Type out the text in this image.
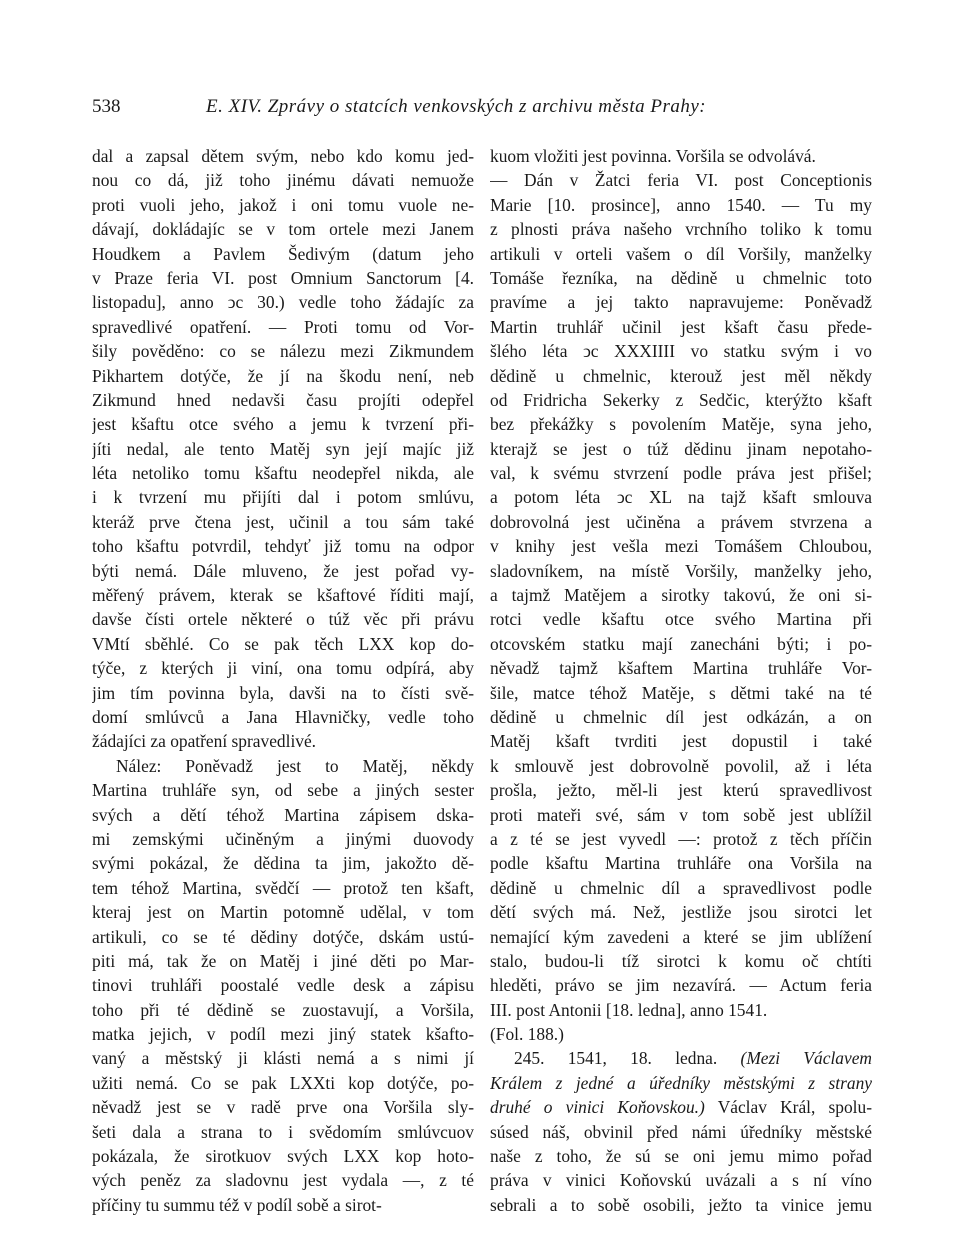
538	E. XIV. Zprávy o statcích venkovských z archivu města Prahy:
dal a zapsal dětem svým, nebo kdo komu jed-
nou co dá, již toho jinému dávati nemuože
proti vuoli jeho, jakož i oni tomu vuole ne-
dávají, dokládajíc se v tom ortele mezi Janem
Houdkem a Pavlem Šedivým (datum jeho
v Praze feria VI. post Omnium Sanctorum [4.
listopadu], anno ↄc 30.) vedle toho žádajíc za
spravedlivé opatření. — Proti tomu od Vor-
šily pověděno: co se nálezu mezi Zikmundem
Pikhartem dotýče, že jí na škodu není, neb
Zikmund hned nedavši času projíti odepřel
jest kšaftu otce svého a jemu k tvrzení při-
jíti nedal, ale tento Matěj syn její majíc již
léta netoliko tomu kšaftu neodepřel nikda, ale
i k tvrzení mu přijíti dal i potom smlúvu,
kteráž prve čtena jest, učinil a tou sám také
toho kšaftu potvrdil, tehdyť již tomu na odpor
býti nemá. Dále mluveno, že jest pořad vy-
měřený právem, kterak se kšaftové říditi mají,
davše čísti ortele některé o túž věc při právu
VMtí sběhlé. Co se pak těch LXX kop do-
týče, z kterých ji viní, ona tomu odpírá, aby
jim tím povinna byla, davši na to čísti svě-
domí smlúvců a Jana Hlavničky, vedle toho
žádajíci za opatření spravedlivé.
Nález: Poněvadž jest to Matěj, někdy
Martina truhláře syn, od sebe a jiných sester
svých a dětí téhož Martina zápisem dska-
mi zemskými učiněným a jinými duovody
svými pokázal, že dědina ta jim, jakožto dě-
tem téhož Martina, svědčí — protož ten kšaft,
kteraj jest on Martin potomně udělal, v tom
artikuli, co se té dědiny dotýče, dskám ustú-
piti má, tak že on Matěj i jiné děti po Mar-
tinovi truhláři poostalé vedle desk a zápisu
toho při té dědině se zuostavují, a Voršila,
matka jejich, v podíl mezi jiný statek kšafto-
vaný a městský ji klásti nemá a s nimi jí
užiti nemá. Co se pak LXXti kop dotýče, po-
něvadž jest se v radě prve ona Voršila sly-
šeti dala a strana to i svědomím smlúvcuov
pokázala, že sirotkuov svých LXX kop hoto-
vých peněz za sladovnu jest vydala —, z té
příčiny tu summu též v podíl sobě a sirot-
kuom vložiti jest povinna. Voršila se odvolává.
— Dán v Žatci feria VI. post Conceptionis
Marie [10. prosince], anno 1540. — Tu my
z plnosti práva našeho vrchního toliko k tomu
artikuli v orteli vašem o díl Voršily, manželky
Tomáše řezníka, na dědině u chmelnic toto
pravíme a jej takto napravujeme: Poněvadž
Martin truhlář učinil jest kšaft času přede-
šlého léta ↄc XXXIIII vo statku svým i vo
dědině u chmelnic, kterouž jest měl někdy
od Fridricha Sekerky z Sedčic, kterýžto kšaft
bez překážky s povolením Matěje, syna jeho,
kterajž se jest o túž dědinu jinam nepotaho-
val, k svému stvrzení podle práva jest přišel;
a potom léta ↄc XL na tajž kšaft smlouva
dobrovolná jest učiněna a právem stvrzena a
v knihy jest vešla mezi Tomášem Chloubou,
sladovníkem, na místě Voršily, manželky jeho,
a tajmž Matějem a sirotky takovú, že oni si-
rotci vedle kšaftu otce svého Martina při
otcovském statku mají zanecháni býti; i po-
něvadž tajmž kšaftem Martina truhláře Vor-
šile, matce téhož Matěje, s dětmi také na té
dědině u chmelnic díl jest odkázán, a on
Matěj kšaft tvrditi jest dopustil i také
k smlouvě jest dobrovolně povolil, až i léta
prošla, ježto, měl-li jest kterú spravedlivost
proti mateři své, sám v tom sobě jest ublížil
a z té se jest vyvedl —: protož z těch příčin
podle kšaftu Martina truhláře ona Voršila na
dědině u chmelnic díl a spravedlivost podle
dětí svých má. Než, jestliže jsou sirotci let
nemající kým zavedeni a které se jim ublížení
stalo, budou-li tíž sirotci k komu oč chtíti
hleděti, právo se jim nezavírá. — Actum feria
III. post Antonii [18. ledna], anno 1541.
(Fol. 188.)
245. 1541, 18. ledna. (Mezi Václavem
Králem z jedné a úředníky městskými z strany
druhé o vinici Koňovskou.) Václav Král, spolu-
súsed náš, obvinil před námi úředníky městské
naše z toho, že sú se oni jemu mimo pořad
práva v vinici Koňovskú uvázali a s ní víno
sebrali a to sobě osobili, ježto ta vinice jemu
